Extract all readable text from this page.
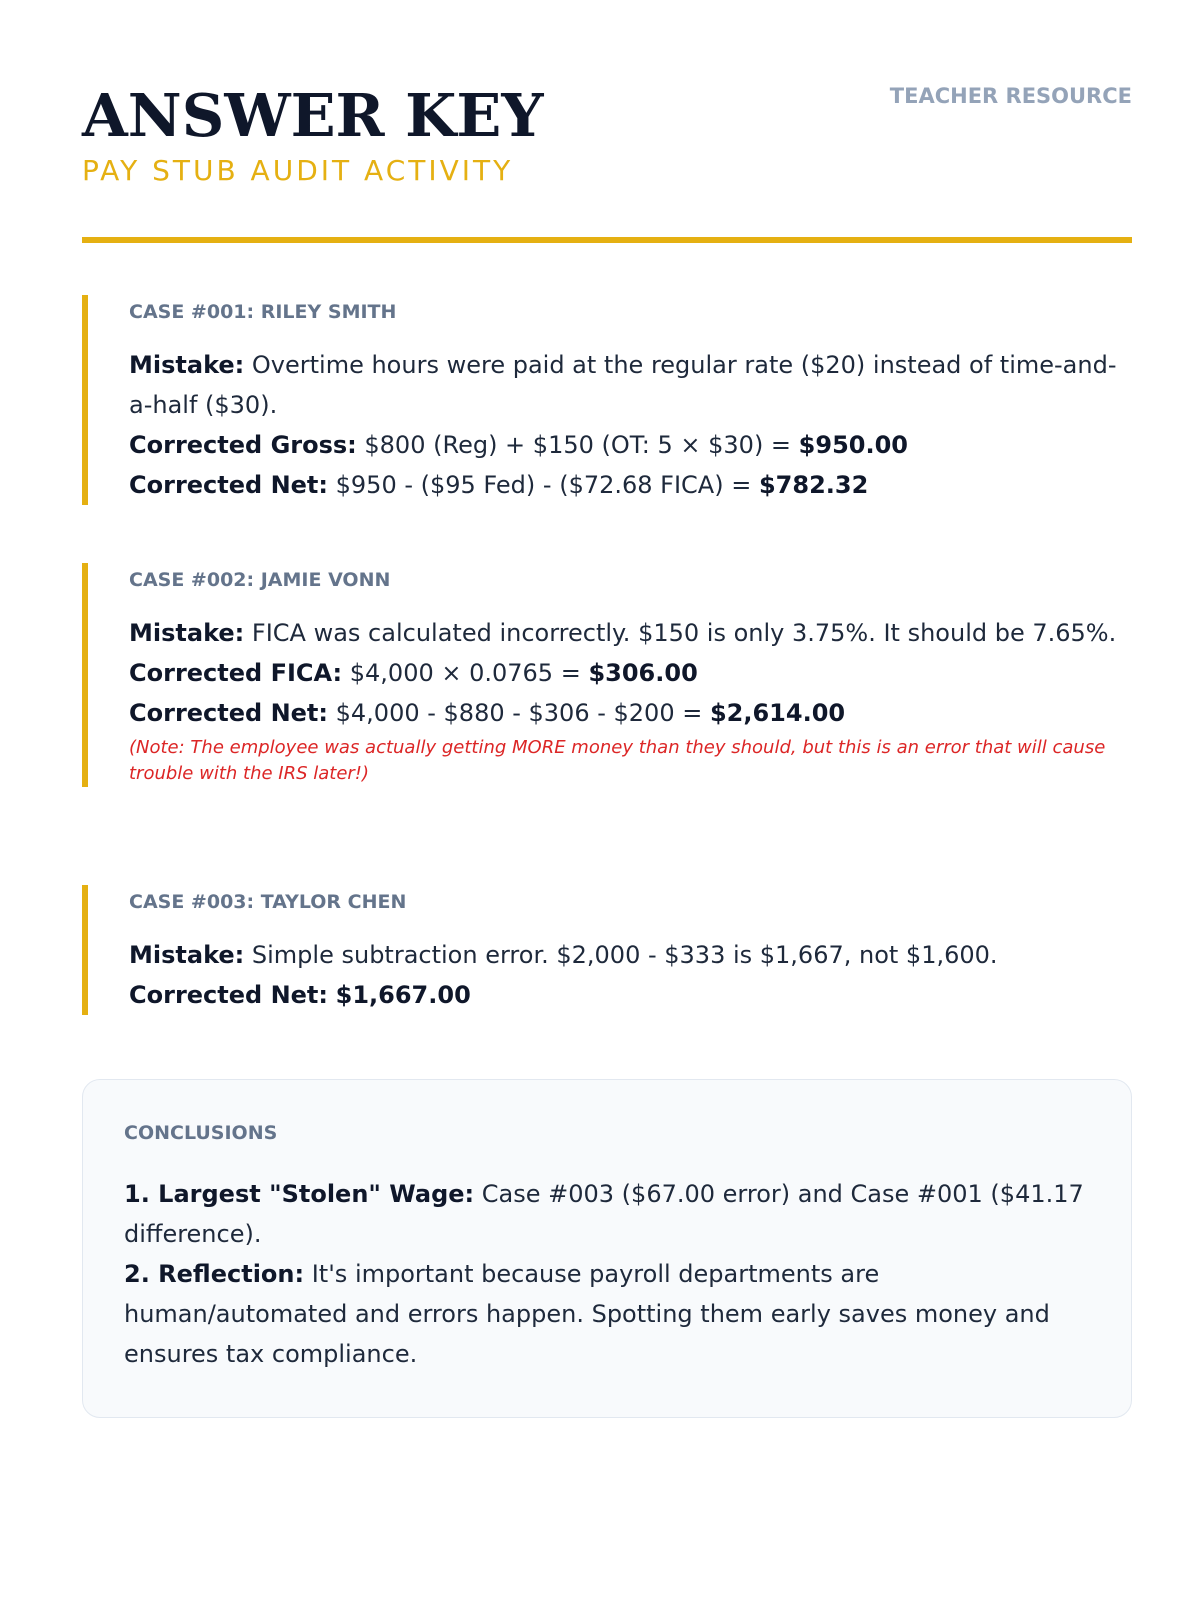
ANSWER KEY
PAY STUB AUDIT ACTIVITY
TEACHER RESOURCE
CASE #001: RILEY SMITH
Mistake: Overtime hours were paid at the regular rate ($20) instead of time-and-a-half ($30).
Corrected Gross: $800 (Reg) + $150 (OT: 5 × $30) = $950.00
Corrected Net: $950 - ($95 Fed) - ($72.68 FICA) = $782.32
CASE #002: JAMIE VONN
Mistake: FICA was calculated incorrectly. $150 is only 3.75%. It should be 7.65%.
Corrected FICA: $4,000 × 0.0765 = $306.00
Corrected Net: $4,000 - $880 - $306 - $200 = $2,614.00
(Note: The employee was actually getting MORE money than they should, but this is an error that will cause trouble with the IRS later!)
CASE #003: TAYLOR CHEN
Mistake: Simple subtraction error. $2,000 - $333 is $1,667, not $1,600.
Corrected Net: $1,667.00
CONCLUSIONS
1. Largest "Stolen" Wage: Case #003 ($67.00 error) and Case #001 ($41.17 difference).
2. Reflection: It's important because payroll departments are human/automated and errors happen. Spotting them early saves money and ensures tax compliance.
